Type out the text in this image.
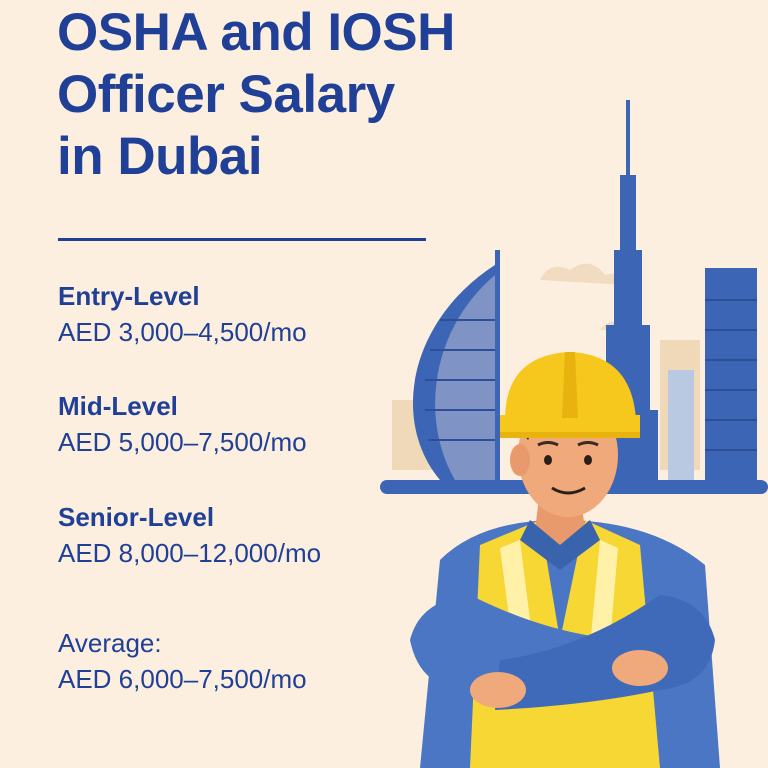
OSHA and IOSH
Officer Salary
in Dubai
Entry-Level
AED 3,000–4,500/mo
Mid-Level
AED 5,000–7,500/mo
Senior-Level
AED 8,000–12,000/mo
Average:
AED 6,000–7,500/mo
